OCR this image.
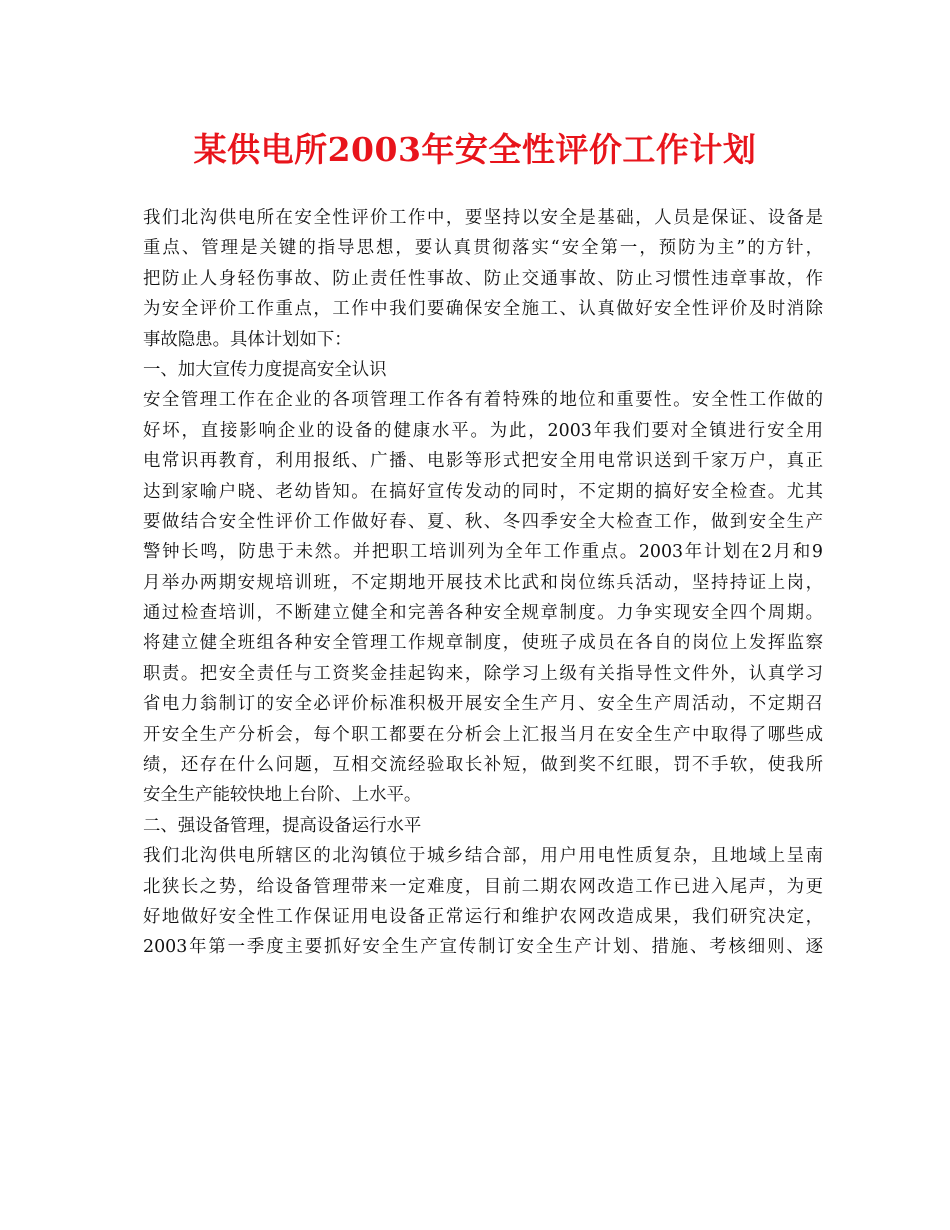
某供电所2003年安全性评价工作计划
我们北沟供电所在安全性评价工作中，要坚持以安全是基础，人员是保证、设备是
重点、管理是关键的指导思想，要认真贯彻落实“安全第一，预防为主”的方针，
把防止人身轻伤事故、防止责任性事故、防止交通事故、防止习惯性违章事故，作
为安全评价工作重点，工作中我们要确保安全施工、认真做好安全性评价及时消除
事故隐患。具体计划如下：
一、加大宣传力度提高安全认识
安全管理工作在企业的各项管理工作各有着特殊的地位和重要性。安全性工作做的
好坏，直接影响企业的设备的健康水平。为此，2003年我们要对全镇进行安全用
电常识再教育，利用报纸、广播、电影等形式把安全用电常识送到千家万户，真正
达到家喻户晓、老幼皆知。在搞好宣传发动的同时，不定期的搞好安全检查。尤其
要做结合安全性评价工作做好春、夏、秋、冬四季安全大检查工作，做到安全生产
警钟长鸣，防患于未然。并把职工培训列为全年工作重点。2003年计划在2月和9
月举办两期安规培训班，不定期地开展技术比武和岗位练兵活动，坚持持证上岗，
通过检查培训，不断建立健全和完善各种安全规章制度。力争实现安全四个周期。
将建立健全班组各种安全管理工作规章制度，使班子成员在各自的岗位上发挥监察
职责。把安全责任与工资奖金挂起钩来，除学习上级有关指导性文件外，认真学习
省电力翁制订的安全必评价标准积极开展安全生产月、安全生产周活动，不定期召
开安全生产分析会，每个职工都要在分析会上汇报当月在安全生产中取得了哪些成
绩，还存在什么问题，互相交流经验取长补短，做到奖不红眼，罚不手软，使我所
安全生产能较快地上台阶、上水平。
二、强设备管理，提高设备运行水平
我们北沟供电所辖区的北沟镇位于城乡结合部，用户用电性质复杂，且地域上呈南
北狭长之势，给设备管理带来一定难度，目前二期农网改造工作已进入尾声，为更
好地做好安全性工作保证用电设备正常运行和维护农网改造成果，我们研究决定，
2003年第一季度主要抓好安全生产宣传制订安全生产计划、措施、考核细则、逐
